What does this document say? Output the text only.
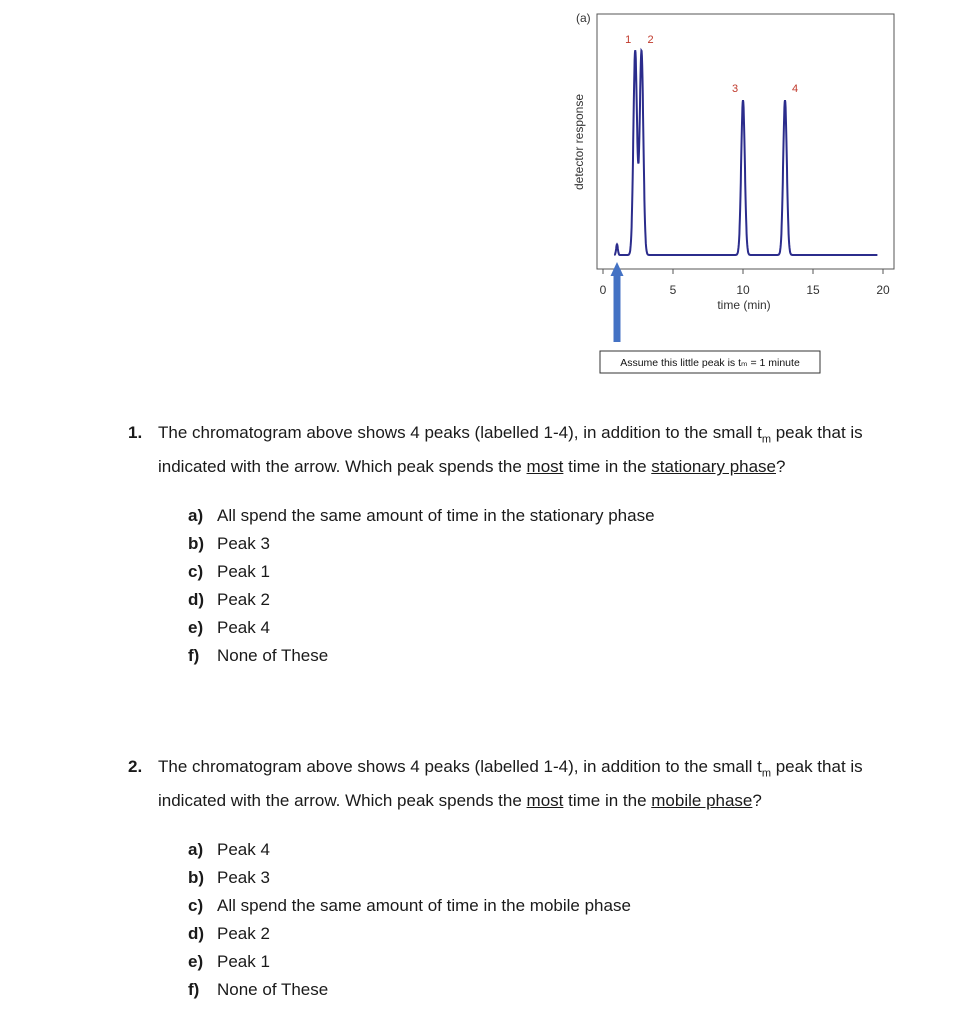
(a)
detector response
0	5	10	15	20
time (min)
1 2
3	4
Assume this little peak is tₘ = 1 minute
1. The chromatogram above shows 4 peaks (labelled 1-4), in addition to the small $t_m$ peak that is indicated with the arrow. Which peak spends the most time in the stationary phase?
a) All spend the same amount of time in the stationary phase
b) Peak 3
c) Peak 1
d) Peak 2
e) Peak 4
f) None of These
2. The chromatogram above shows 4 peaks (labelled 1-4), in addition to the small $t_m$ peak that is indicated with the arrow. Which peak spends the most time in the mobile phase?
a) Peak 4
b) Peak 3
c) All spend the same amount of time in the mobile phase
d) Peak 2
e) Peak 1
f) None of These
